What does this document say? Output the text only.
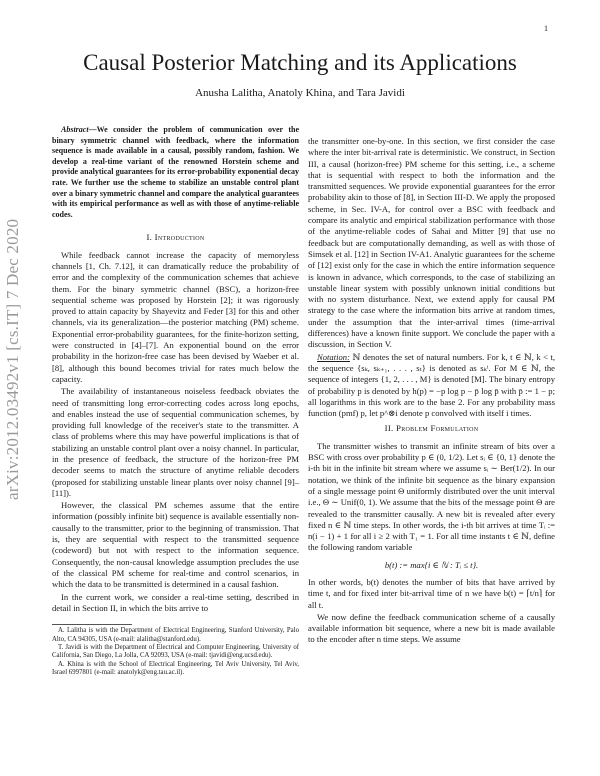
1
arXiv:2012.03492v1 [cs.IT] 7 Dec 2020
Causal Posterior Matching and its Applications
Anusha Lalitha, Anatoly Khina, and Tara Javidi

Abstract—We consider the problem of communication over the binary symmetric channel with feedback, where the information sequence is made available in a causal, possibly random, fashion. We develop a real-time variant of the renowned Horstein scheme and provide analytical guarantees for its error-probability exponential decay rate. We further use the scheme to stabilize an unstable control plant over a binary symmetric channel and compare the analytical guarantees with its empirical performance as well as with those of anytime-reliable codes.

I. Introduction

While feedback cannot increase the capacity of memoryless channels [1, Ch. 7.12], it can dramatically reduce the probability of error and the complexity of the communication schemes that achieve them. For the binary symmetric channel (BSC), a horizon-free sequential scheme was proposed by Horstein [2]; it was rigorously proved to attain capacity by Shayevitz and Feder [3] for this and other channels, via its generalization—the posterior matching (PM) scheme. Exponential error-probability guarantees, for the finite-horizon setting, were constructed in [4]–[7]. An exponential bound on the error probability in the horizon-free case has been devised by Waeber et al. [8], although this bound becomes trivial for rates much below the capacity.

The availability of instantaneous noiseless feedback obviates the need of transmitting long error-correcting codes across long epochs, and enables instead the use of sequential communication schemes, by providing full knowledge of the receiver's state to the transmitter. A class of problems where this may have powerful implications is that of stabilizing an unstable control plant over a noisy channel. In particular, in the presence of feedback, the structure of the horizon-free PM decoder seems to match the structure of anytime reliable decoders (proposed for stabilizing unstable linear plants over noisy channel [9]–[11]).

However, the classical PM schemes assume that the entire information (possibly infinite bit) sequence is available essentially non-causally to the transmitter, prior to the beginning of transmission. That is, they are sequential with respect to the transmitted sequence (codeword) but not with respect to the information sequence. Consequently, the non-causal knowledge assumption precludes the use of the classical PM scheme for real-time and control scenarios, in which the data to be transmitted is determined in a causal fashion.

In the current work, we consider a real-time setting, described in detail in Section II, in which the bits arrive to

A. Lalitha is with the Department of Electrical Engineering, Stanford University, Palo Alto, CA 94305, USA (e-mail: alalitha@stanford.edu).

T. Javidi is with the Department of Electrical and Computer Engineering, University of California, San Diego, La Jolla, CA 92093, USA (e-mail: tjavidi@eng.ucsd.edu).

A. Khina is with the School of Electrical Engineering, Tel Aviv University, Tel Aviv, Israel 6997801 (e-mail: anatolyk@eng.tau.ac.il).

the transmitter one-by-one. In this section, we first consider the case where the inter bit-arrival rate is deterministic. We construct, in Section III, a causal (horizon-free) PM scheme for this setting, i.e., a scheme that is sequential with respect to both the information and the transmitted sequences. We provide exponential guarantees for the error probability akin to those of [8], in Section III-D. We apply the proposed scheme, in Sec. IV-A, for control over a BSC with feedback and compare its analytic and empirical stabilization performance with those of the anytime-reliable codes of Sahai and Mitter [9] that use no feedback but are computationally demanding, as well as with those of Simsek et al. [12] in Section IV-A1. Analytic guarantees for the scheme of [12] exist only for the case in which the entire information sequence is known in advance, which corresponds, to the case of stabilizing an unstable linear system with possibly unknown initial conditions but with no system disturbance. Next, we extend apply for causal PM strategy to the case where the information bits arrive at random times, under the assumption that the inter-arrival times (time-arrival differences) have a known finite support. We conclude the paper with a discussion, in Section V.

Notation: ℕ denotes the set of natural numbers. For k, t ∈ ℕ, k < t, the sequence {sₖ, sₖ₊₁, . . . , sₜ} is denoted as sₖᵗ. For M ∈ ℕ, the sequence of integers {1, 2, . . . , M} is denoted [M]. The binary entropy of probability p is denoted by h(p) = −p log p − p̄ log p̄ with p̄ := 1 − p; all logarithms in this work are to the base 2. For any probability mass function (pmf) p, let p^⊗i denote p convolved with itself i times.

II. Problem Formulation

The transmitter wishes to transmit an infinite stream of bits over a BSC with cross over probability p ∈ (0, 1/2). Let sᵢ ∈ {0, 1} denote the i-th bit in the infinite bit stream where we assume sᵢ ∼ Ber(1/2). In our notation, we think of the infinite bit sequence as the binary expansion of a single message point Θ uniformly distributed over the unit interval i.e., Θ ∼ Unif(0, 1). We assume that the bits of the message point Θ are revealed to the transmitter causally. A new bit is revealed after every fixed n ∈ ℕ time steps. In other words, the i-th bit arrives at time Tᵢ := n(i − 1) + 1 for all i ≥ 2 with T₁ = 1. For all time instants t ∈ ℕ, define the following random variable

b(t) := max{i ∈ ℕ : Tᵢ ≤ t}.

In other words, b(t) denotes the number of bits that have arrived by time t, and for fixed inter bit-arrival time of n we have b(t) = ⌈t/n⌉ for all t.

We now define the feedback communication scheme of a causally available information bit sequence, where a new bit is made available to the encoder after n time steps. We assume
